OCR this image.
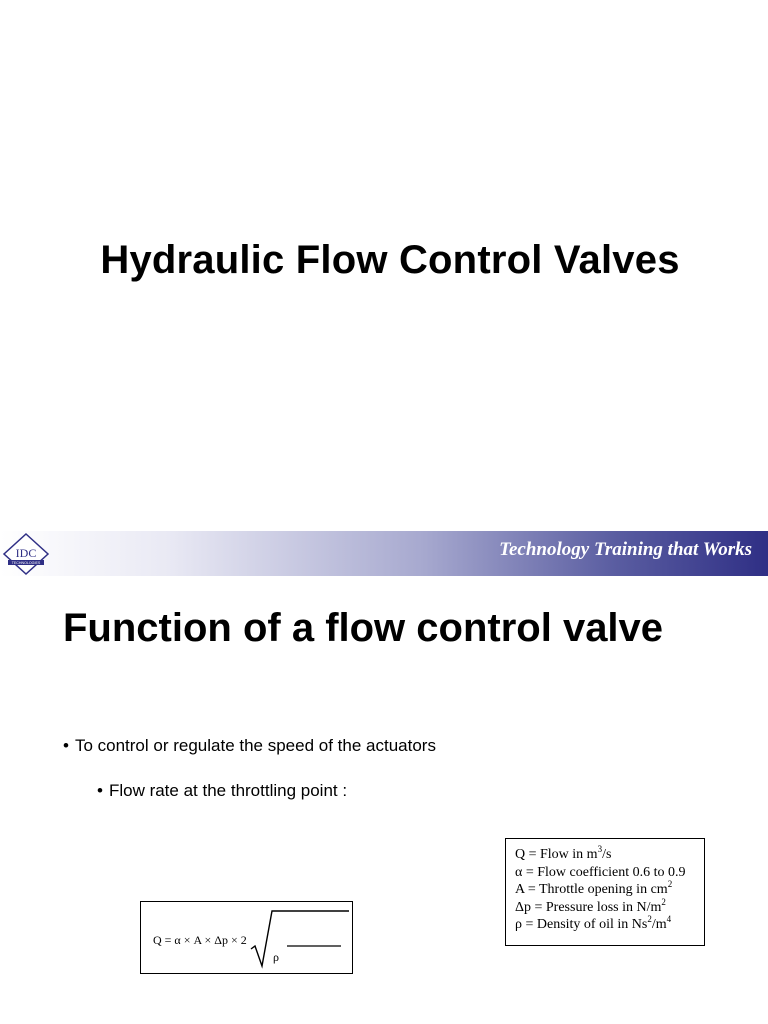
Hydraulic Flow Control Valves
IDC
TECHNOLOGIES
Technology Training that Works
Function of a flow control valve
• To control or regulate the speed of the actuators
• Flow rate at the throttling point :
Q = α × A × Δp × 2
ρ
Q = Flow in $m^3/s$
α = Flow coefficient 0.6 to 0.9
A = Throttle opening in $cm^2$
Δp = Pressure loss in $N/m^2$
ρ = Density of oil in $Ns^2/m^4$
